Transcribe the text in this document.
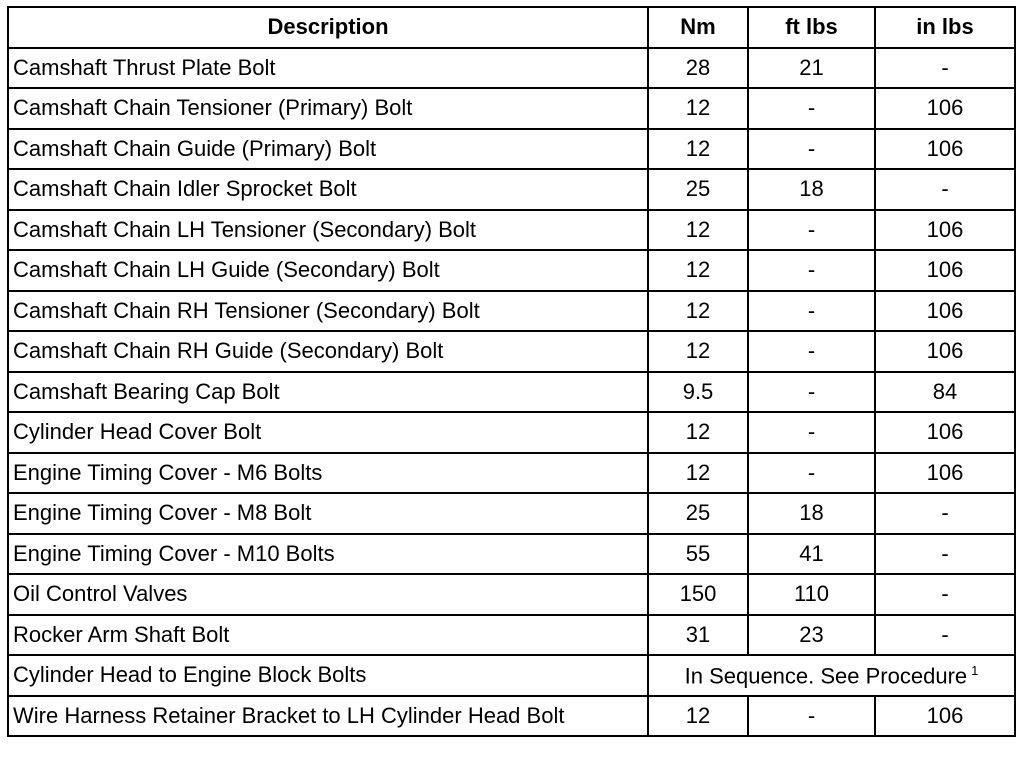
Description	Nm	ft lbs	in lbs
Camshaft Thrust Plate Bolt	28	21	-
Camshaft Chain Tensioner (Primary) Bolt	12	-	106
Camshaft Chain Guide (Primary) Bolt	12	-	106
Camshaft Chain Idler Sprocket Bolt	25	18	-
Camshaft Chain LH Tensioner (Secondary) Bolt	12	-	106
Camshaft Chain LH Guide (Secondary) Bolt	12	-	106
Camshaft Chain RH Tensioner (Secondary) Bolt	12	-	106
Camshaft Chain RH Guide (Secondary) Bolt	12	-	106
Camshaft Bearing Cap Bolt	9.5	-	84
Cylinder Head Cover Bolt	12	-	106
Engine Timing Cover - M6 Bolts	12	-	106
Engine Timing Cover - M8 Bolt	25	18	-
Engine Timing Cover - M10 Bolts	55	41	-
Oil Control Valves	150	110	-
Rocker Arm Shaft Bolt	31	23	-
Cylinder Head to Engine Block Bolts	In Sequence. See Procedure $^1$
Wire Harness Retainer Bracket to LH Cylinder Head Bolt	12	-	106
